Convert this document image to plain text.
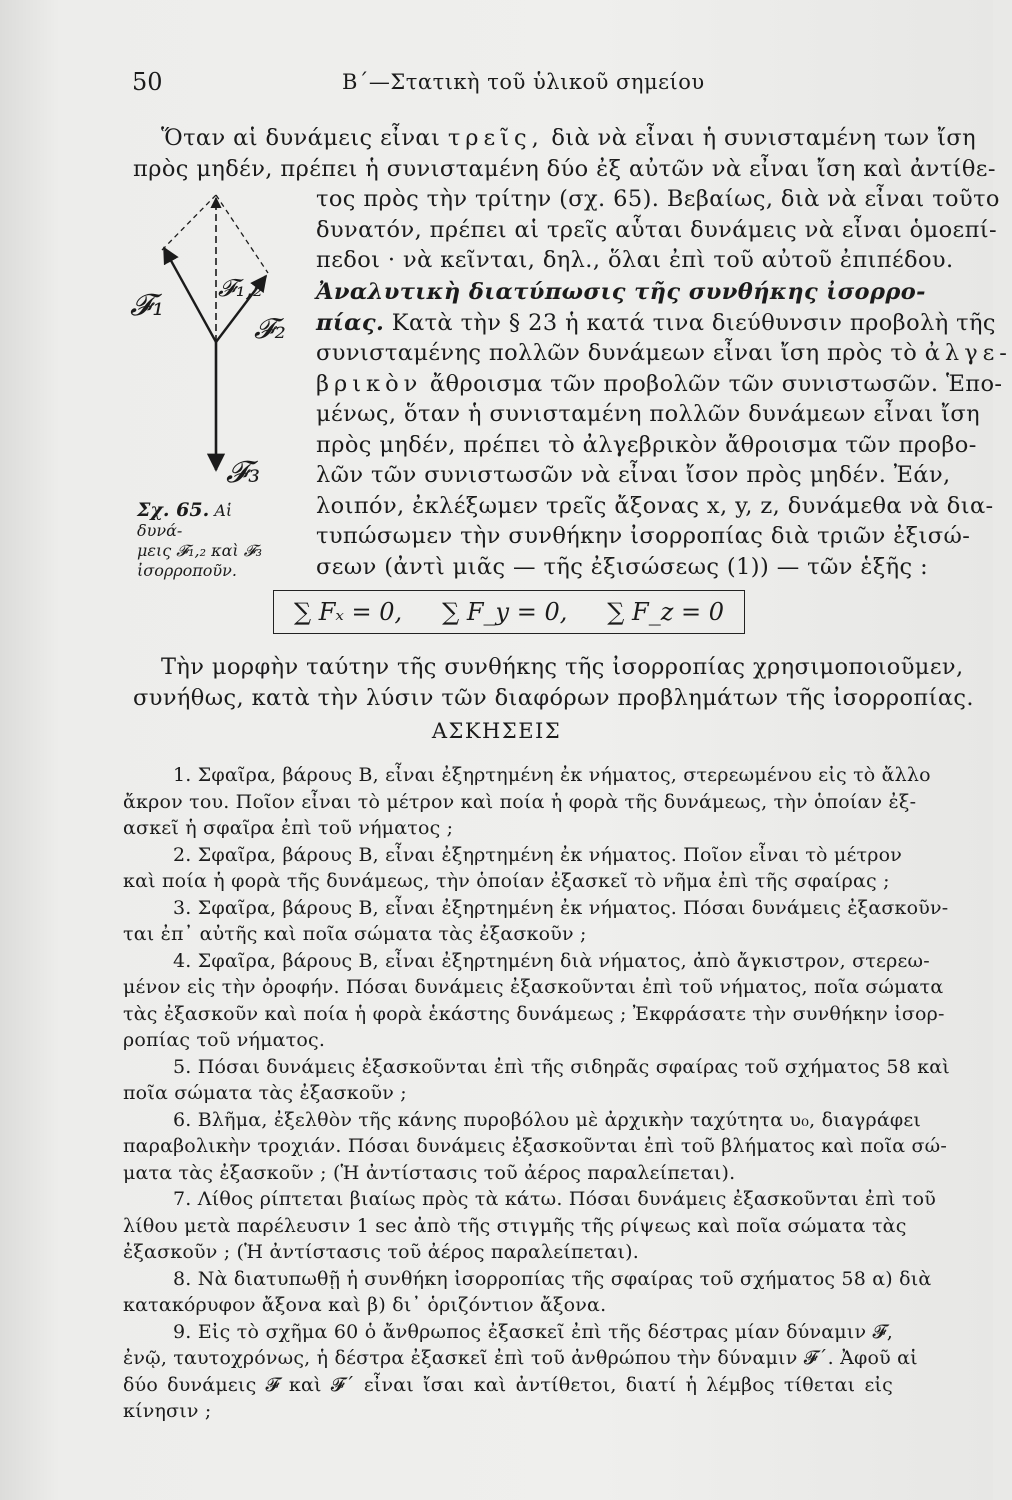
50	Β΄—Στατικὴ τοῦ ὑλικοῦ σημείου
Ὅταν αἱ δυνάμεις εἶναι τρεῖς, διὰ νὰ εἶναι ἡ συνισταμένη των ἴση
πρὸς μηδέν, πρέπει ἡ συνισταμένη δύο ἐξ αὐτῶν νὰ εἶναι ἴση καὶ ἀντίθε-
τος πρὸς τὴν τρίτην (σχ. 65). Βεβαίως, διὰ νὰ εἶναι τοῦτο
δυνατόν, πρέπει αἱ τρεῖς αὗται δυνάμεις νὰ εἶναι ὁμοεπί-
πεδοι · νὰ κεῖνται, δηλ., ὅλαι ἐπὶ τοῦ αὐτοῦ ἐπιπέδου.
Ἀναλυτικὴ διατύπωσις τῆς συνθήκης ἰσορρο-
πίας. Κατὰ τὴν § 23 ἡ κατά τινα διεύθυνσιν προβολὴ τῆς
συνισταμένης πολλῶν δυνάμεων εἶναι ἴση πρὸς τὸ ἀλγε-
βρικὸν ἄθροισμα τῶν προβολῶν τῶν συνιστωσῶν. Ἑπο-
μένως, ὅταν ἡ συνισταμένη πολλῶν δυνάμεων εἶναι ἴση
πρὸς μηδέν, πρέπει τὸ ἀλγεβρικὸν ἄθροισμα τῶν προβο-
λῶν τῶν συνιστωσῶν νὰ εἶναι ἴσον πρὸς μηδέν. Ἐάν,
λοιπόν, ἐκλέξωμεν τρεῖς ἄξονας x, y, z, δυνάμεθα νὰ δια-
τυπώσωμεν τὴν συνθήκην ἰσορροπίας διὰ τριῶν ἐξισώ-
σεων (ἀντὶ μιᾶς — τῆς ἐξισώσεως (1)) — τῶν ἑξῆς :
𝓕₁ 𝓕₁,₂
𝓕₂
𝓕₃
Σχ. 65. Αἱ δυνά-
μεις 𝓕₁,₂ καὶ 𝓕₃
ἰσορροποῦν.
∑ Fₓ = 0, ∑ F_y = 0, ∑ F_z = 0
Τὴν μορφὴν ταύτην τῆς συνθήκης τῆς ἰσορροπίας χρησιμοποιοῦμεν,
συνήθως, κατὰ τὴν λύσιν τῶν διαφόρων προβλημάτων τῆς ἰσορροπίας.
ΑΣΚΗΣΕΙΣ
1. Σφαῖρα, βάρους B, εἶναι ἐξηρτημένη ἐκ νήματος, στερεωμένου εἰς τὸ ἄλλο
ἄκρον του. Ποῖον εἶναι τὸ μέτρον καὶ ποία ἡ φορὰ τῆς δυνάμεως, τὴν ὁποίαν ἐξ-
ασκεῖ ἡ σφαῖρα ἐπὶ τοῦ νήματος ;
2. Σφαῖρα, βάρους B, εἶναι ἐξηρτημένη ἐκ νήματος. Ποῖον εἶναι τὸ μέτρον
καὶ ποία ἡ φορὰ τῆς δυνάμεως, τὴν ὁποίαν ἐξασκεῖ τὸ νῆμα ἐπὶ τῆς σφαίρας ;
3. Σφαῖρα, βάρους B, εἶναι ἐξηρτημένη ἐκ νήματος. Πόσαι δυνάμεις ἐξασκοῦν-
ται ἐπ᾽ αὐτῆς καὶ ποῖα σώματα τὰς ἐξασκοῦν ;
4. Σφαῖρα, βάρους B, εἶναι ἐξηρτημένη διὰ νήματος, ἀπὸ ἄγκιστρον, στερεω-
μένον εἰς τὴν ὀροφήν. Πόσαι δυνάμεις ἐξασκοῦνται ἐπὶ τοῦ νήματος, ποῖα σώματα
τὰς ἐξασκοῦν καὶ ποία ἡ φορὰ ἑκάστης δυνάμεως ; Ἐκφράσατε τὴν συνθήκην ἰσορ-
ροπίας τοῦ νήματος.
5. Πόσαι δυνάμεις ἐξασκοῦνται ἐπὶ τῆς σιδηρᾶς σφαίρας τοῦ σχήματος 58 καὶ
ποῖα σώματα τὰς ἐξασκοῦν ;
6. Βλῆμα, ἐξελθὸν τῆς κάνης πυροβόλου μὲ ἀρχικὴν ταχύτητα υ₀, διαγράφει
παραβολικὴν τροχιάν. Πόσαι δυνάμεις ἐξασκοῦνται ἐπὶ τοῦ βλήματος καὶ ποῖα σώ-
ματα τὰς ἐξασκοῦν ; (Ἡ ἀντίστασις τοῦ ἀέρος παραλείπεται).
7. Λίθος ρίπτεται βιαίως πρὸς τὰ κάτω. Πόσαι δυνάμεις ἐξασκοῦνται ἐπὶ τοῦ
λίθου μετὰ παρέλευσιν 1 sec ἀπὸ τῆς στιγμῆς τῆς ρίψεως καὶ ποῖα σώματα τὰς
ἐξασκοῦν ; (Ἡ ἀντίστασις τοῦ ἀέρος παραλείπεται).
8. Νὰ διατυπωθῇ ἡ συνθήκη ἰσορροπίας τῆς σφαίρας τοῦ σχήματος 58 α) διὰ
κατακόρυφον ἄξονα καὶ β) δι᾽ ὁριζόντιον ἄξονα.
9. Εἰς τὸ σχῆμα 60 ὁ ἄνθρωπος ἐξασκεῖ ἐπὶ τῆς δέστρας μίαν δύναμιν 𝓕,
ἐνῷ, ταυτοχρόνως, ἡ δέστρα ἐξασκεῖ ἐπὶ τοῦ ἀνθρώπου τὴν δύναμιν 𝓕΄. Ἀφοῦ αἱ
δύο δυνάμεις 𝓕 καὶ 𝓕΄ εἶναι ἴσαι καὶ ἀντίθετοι, διατί ἡ λέμβος τίθεται εἰς
κίνησιν ;
